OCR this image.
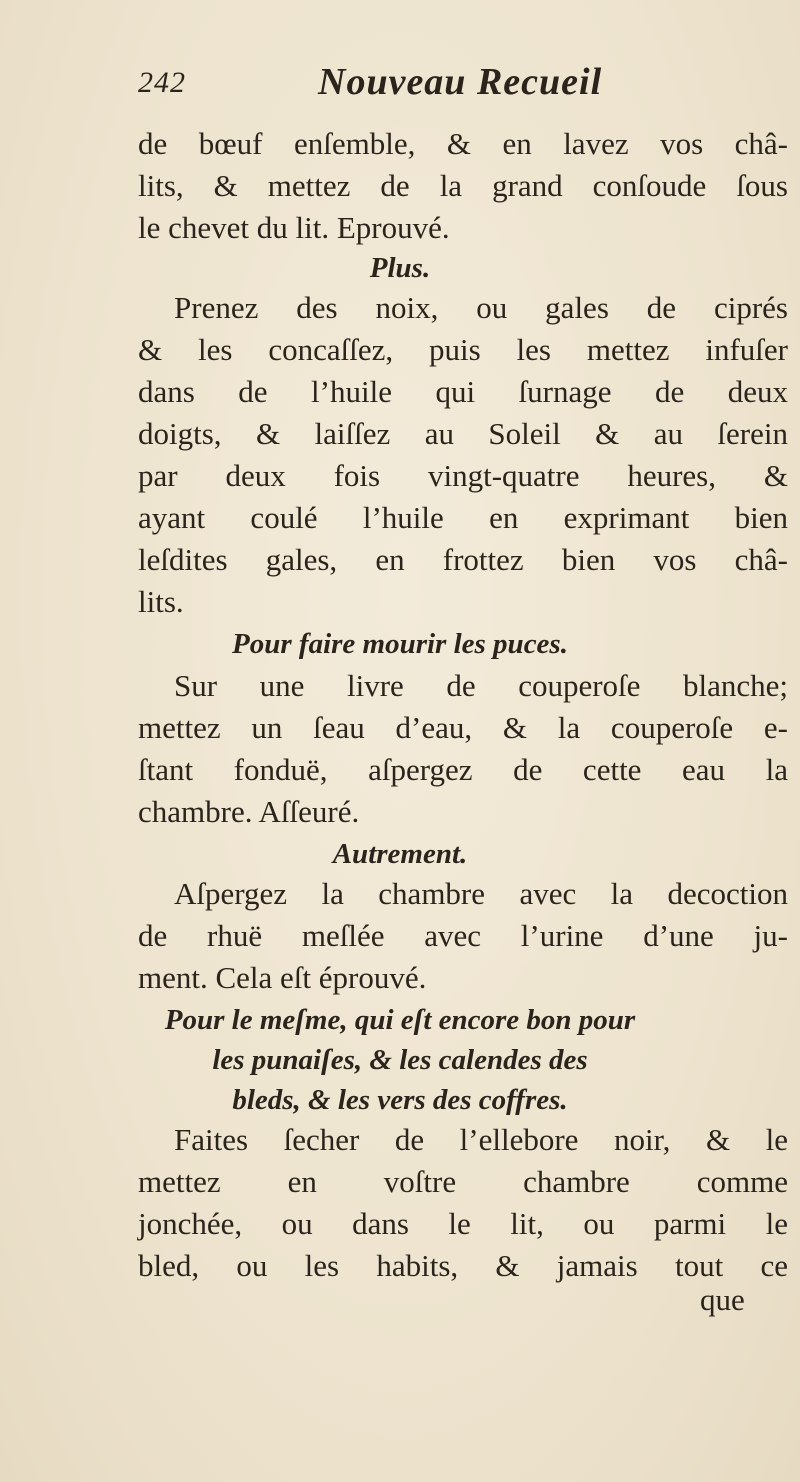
242	Nouveau Recueil
de bœuf enſemble, & en lavez vos châ-
lits, & mettez de la grand conſoude ſous
le chevet du lit. Eprouvé.
Plus.
Prenez des noix, ou gales de ciprés
& les concaſſez, puis les mettez infuſer
dans de l’huile qui ſurnage de deux
doigts, & laiſſez au Soleil & au ſerein
par deux fois vingt-quatre heures, &
ayant coulé l’huile en exprimant bien
leſdites gales, en frottez bien vos châ-
lits.
Pour faire mourir les puces.
Sur une livre de couperoſe blanche;
mettez un ſeau d’eau, & la couperoſe e-
ſtant fonduë, aſpergez de cette eau la
chambre. Aſſeuré.
Autrement.
Aſpergez la chambre avec la decoction
de rhuë meſlée avec l’urine d’une ju-
ment. Cela eſt éprouvé.
Pour le meſme, qui eſt encore bon pour
les punaiſes, & les calendes des
bleds, & les vers des coffres.
Faites ſecher de l’ellebore noir, & le
mettez en voſtre chambre comme
jonchée, ou dans le lit, ou parmi le
bled, ou les habits, & jamais tout ce
que
